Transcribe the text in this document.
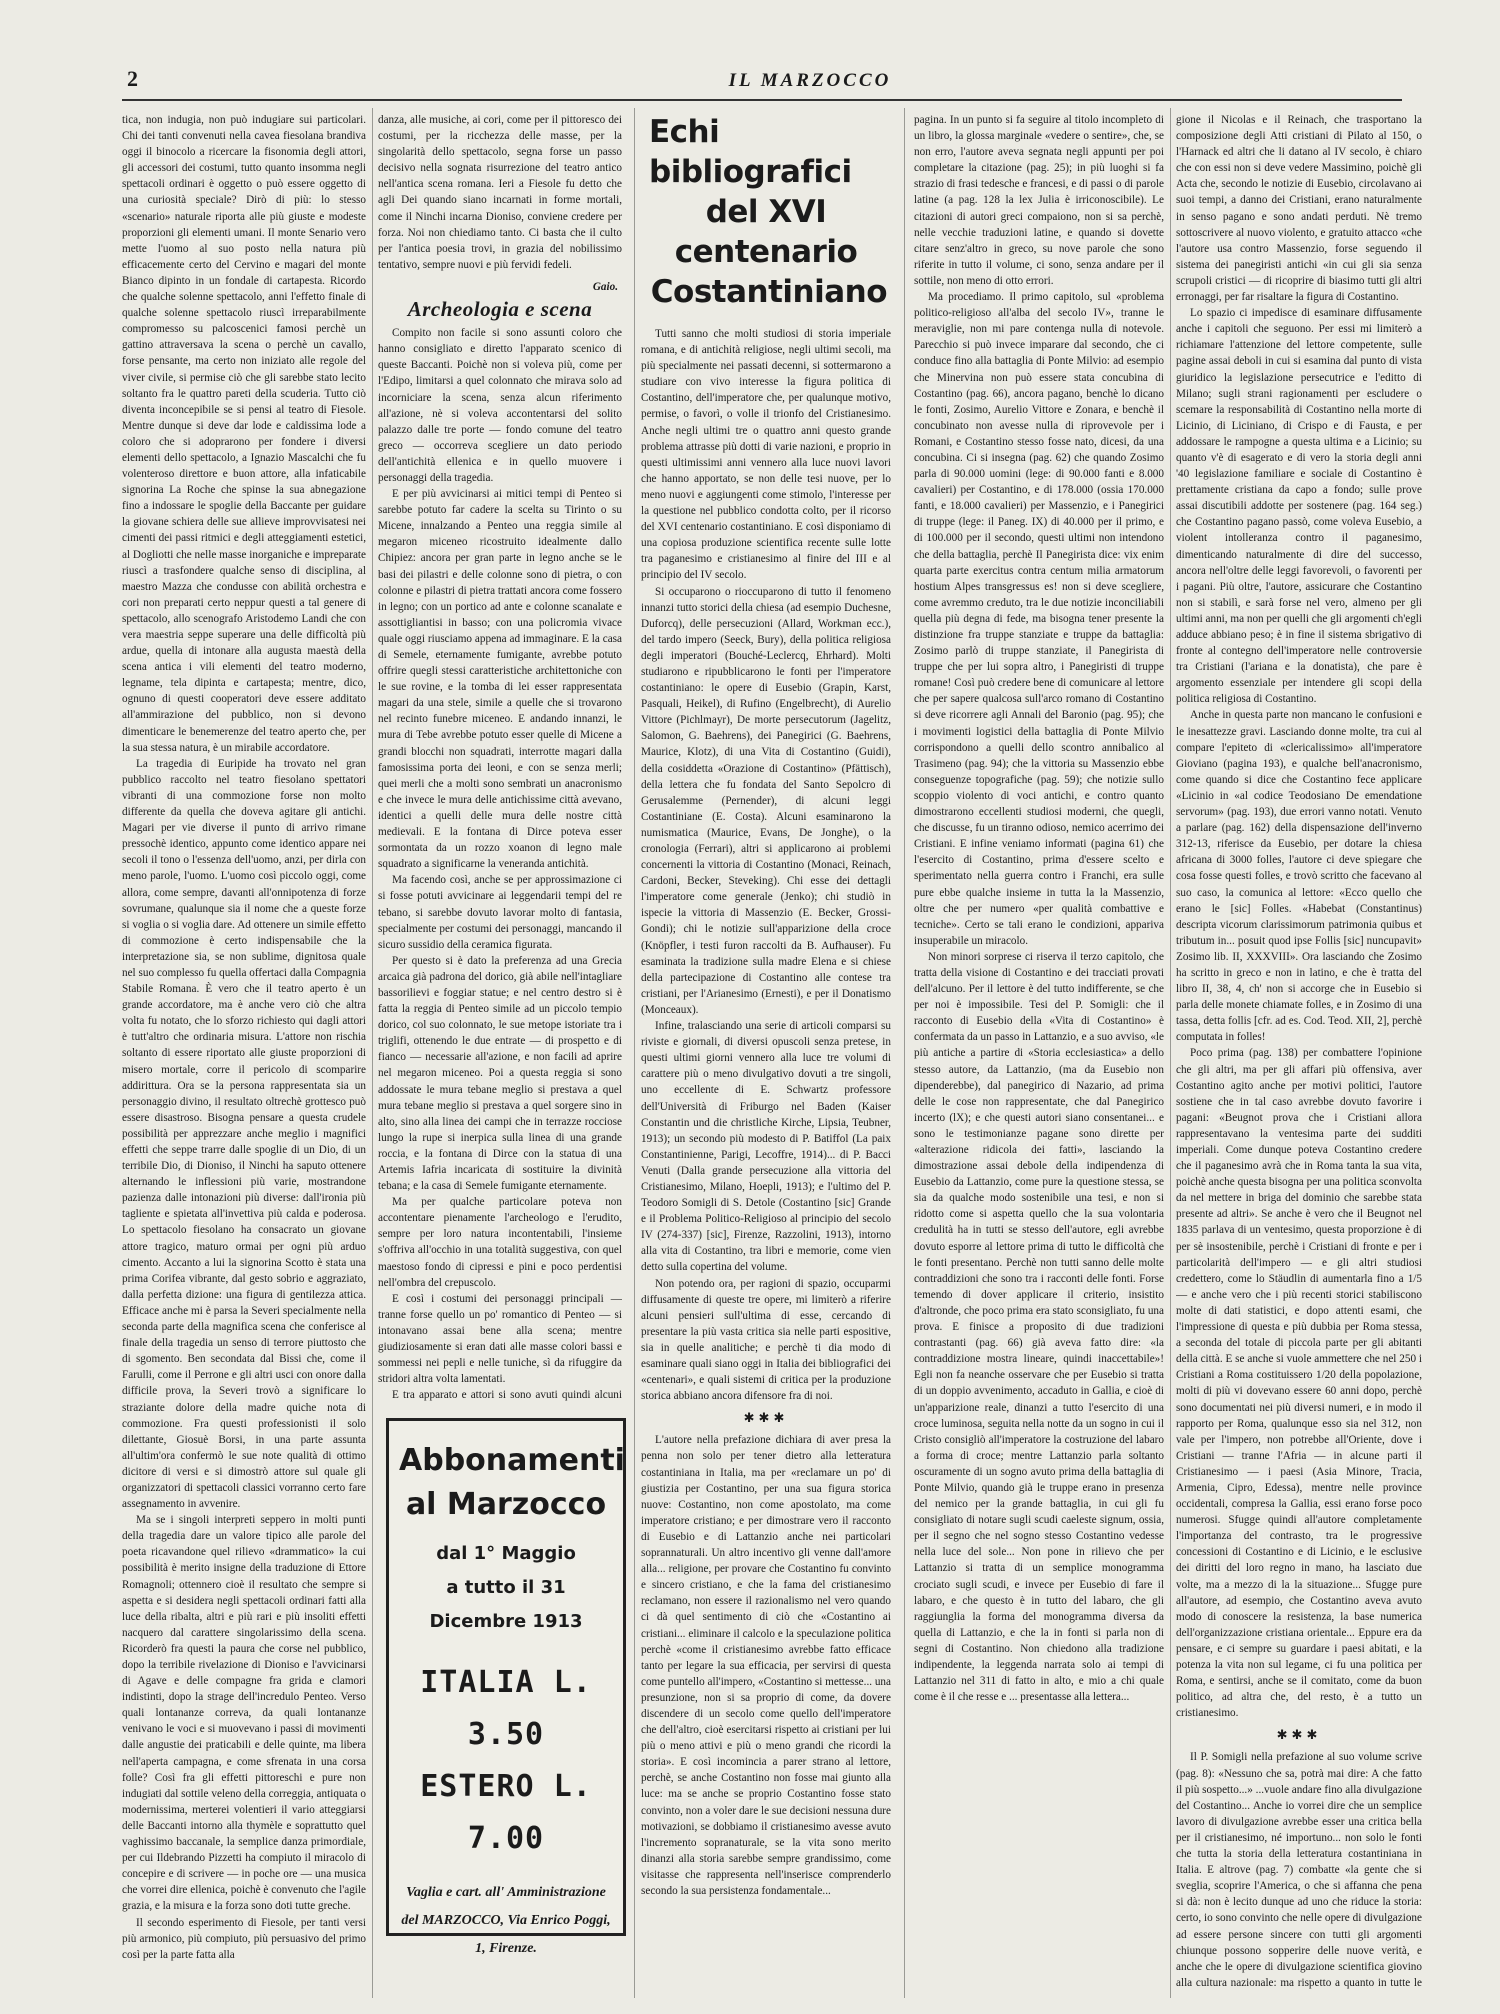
2	IL MARZOCCO

tica, non indugia, non può indugiare sui particolari. Chi dei tanti convenuti nella cavea fiesolana brandiva oggi il binocolo a ricercare la fisonomia degli attori, gli accessori dei costumi, tutto quanto insomma negli spettacoli ordinari è oggetto o può essere oggetto di una curiosità speciale? Dirò di più: lo stesso «scenario» naturale riporta alle più giuste e modeste proporzioni gli elementi umani. Il monte Senario vero mette l'uomo al suo posto nella natura più efficacemente certo del Cervino e magari del monte Bianco dipinto in un fondale di cartapesta. Ricordo che qualche solenne spettacolo, anni l'effetto finale di qualche solenne spettacolo riuscì irreparabilmente compromesso su palcoscenici famosi perchè un gattino attraversava la scena o perchè un cavallo, forse pensante, ma certo non iniziato alle regole del viver civile, si permise ciò che gli sarebbe stato lecito soltanto fra le quattro pareti della scuderia. Tutto ciò diventa inconcepibile se si pensi al teatro di Fiesole. Mentre dunque si deve dar lode e caldissima lode a coloro che si adoprarono per fondere i diversi elementi dello spettacolo, a Ignazio Mascalchi che fu volenteroso direttore e buon attore, alla infaticabile signorina La Roche che spinse la sua abnegazione fino a indossare le spoglie della Baccante per guidare la giovane schiera delle sue allieve improvvisatesi nei cimenti dei passi ritmici e degli atteggiamenti estetici, al Dogliotti che nelle masse inorganiche e impreparate riuscì a trasfondere qualche senso di disciplina, al maestro Mazza che condusse con abilità orchestra e cori non preparati certo neppur questi a tal genere di spettacolo, allo scenografo Aristodemo Landi che con vera maestria seppe superare una delle difficoltà più ardue, quella di intonare alla augusta maestà della scena antica i vili elementi del teatro moderno, legname, tela dipinta e cartapesta; mentre, dico, ognuno di questi cooperatori deve essere additato all'ammirazione del pubblico, non si devono dimenticare le benemerenze del teatro aperto che, per la sua stessa natura, è un mirabile accordatore.

La tragedia di Euripide ha trovato nel gran pubblico raccolto nel teatro fiesolano spettatori vibranti di una commozione forse non molto differente da quella che doveva agitare gli antichi. Magari per vie diverse il punto di arrivo rimane pressochè identico, appunto come identico appare nei secoli il tono o l'essenza dell'uomo, anzi, per dirla con meno parole, l'uomo. L'uomo così piccolo oggi, come allora, come sempre, davanti all'onnipotenza di forze sovrumane, qualunque sia il nome che a queste forze si voglia o si voglia dare. Ad ottenere un simile effetto di commozione è certo indispensabile che la interpretazione sia, se non sublime, dignitosa quale nel suo complesso fu quella offertaci dalla Compagnia Stabile Romana. È vero che il teatro aperto è un grande accordatore, ma è anche vero ciò che altra volta fu notato, che lo sforzo richiesto qui dagli attori è tutt'altro che ordinaria misura. L'attore non rischia soltanto di essere riportato alle giuste proporzioni di misero mortale, corre il pericolo di scomparire addirittura. Ora se la persona rappresentata sia un personaggio divino, il resultato oltrechè grottesco può essere disastroso. Bisogna pensare a questa crudele possibilità per apprezzare anche meglio i magnifici effetti che seppe trarre dalle spoglie di un Dio, di un terribile Dio, di Dioniso, il Ninchi ha saputo ottenere alternando le inflessioni più varie, mostrandone pazienza dalle intonazioni più diverse: dall'ironia più tagliente e spietata all'invettiva più calda e poderosa. Lo spettacolo fiesolano ha consacrato un giovane attore tragico, maturo ormai per ogni più arduo cimento. Accanto a lui la signorina Scotto è stata una prima Corifea vibrante, dal gesto sobrio e aggraziato, dalla perfetta dizione: una figura di gentilezza attica. Efficace anche mi è parsa la Severi specialmente nella seconda parte della magnifica scena che conferisce al finale della tragedia un senso di terrore piuttosto che di sgomento. Ben secondata dal Bissi che, come il Farulli, come il Perrone e gli altri usci con onore dalla difficile prova, la Severi trovò a significare lo straziante dolore della madre quiche nota di commozione. Fra questi professionisti il solo dilettante, Giosuè Borsi, in una parte assunta all'ultim'ora confermò le sue note qualità di ottimo dicitore di versi e si dimostrò attore sul quale gli organizzatori di spettacoli classici vorranno certo fare assegnamento in avvenire.

Ma se i singoli interpreti seppero in molti punti della tragedia dare un valore tipico alle parole del poeta ricavandone quel rilievo «drammatico» la cui possibilità è merito insigne della traduzione di Ettore Romagnoli; ottennero cioè il resultato che sempre si aspetta e si desidera negli spettacoli ordinari fatti alla luce della ribalta, altri e più rari e più insoliti effetti nacquero dal carattere singolarissimo della scena. Ricorderò fra questi la paura che corse nel pubblico, dopo la terribile rivelazione di Dioniso e l'avvicinarsi di Agave e delle compagne fra grida e clamori indistinti, dopo la strage dell'incredulo Penteo. Verso quali lontananze correva, da quali lontananze venivano le voci e si muovevano i passi di movimenti dalle angustie dei praticabili e delle quinte, ma libera nell'aperta campagna, e come sfrenata in una corsa folle? Così fra gli effetti pittoreschi e pure non indugiati dal sottile veleno della correggia, antiquata o modernissima, merterei volentieri il vario atteggiarsi delle Baccanti intorno alla thymèle e soprattutto quel vaghissimo baccanale, la semplice danza primordiale, per cui Ildebrando Pizzetti ha compiuto il miracolo di concepire e di scrivere — in poche ore — una musica che vorrei dire ellenica, poichè è convenuto che l'agile grazia, e la misura e la forza sono doti tutte greche.

Il secondo esperimento di Fiesole, per tanti versi più armonico, più compiuto, più persuasivo del primo così per la parte fatta alla

danza, alle musiche, ai cori, come per il pittoresco dei costumi, per la ricchezza delle masse, per la singolarità dello spettacolo, segna forse un passo decisivo nella sognata risurrezione del teatro antico nell'antica scena romana. Ieri a Fiesole fu detto che agli Dei quando siano incarnati in forme mortali, come il Ninchi incarna Dioniso, conviene credere per forza. Noi non chiediamo tanto. Ci basta che il culto per l'antica poesia trovi, in grazia del nobilissimo tentativo, sempre nuovi e più fervidi fedeli.

Gaio.
Archeologia e scena

Compito non facile si sono assunti coloro che hanno consigliato e diretto l'apparato scenico di queste Baccanti. Poichè non si voleva più, come per l'Edipo, limitarsi a quel colonnato che mirava solo ad incorniciare la scena, senza alcun riferimento all'azione, nè si voleva accontentarsi del solito palazzo dalle tre porte — fondo comune del teatro greco — occorreva scegliere un dato periodo dell'antichità ellenica e in quello muovere i personaggi della tragedia.

E per più avvicinarsi ai mitici tempi di Penteo si sarebbe potuto far cadere la scelta su Tirinto o su Micene, innalzando a Penteo una reggia simile al megaron miceneo ricostruito idealmente dallo Chipiez: ancora per gran parte in legno anche se le basi dei pilastri e delle colonne sono di pietra, o con colonne e pilastri di pietra trattati ancora come fossero in legno; con un portico ad ante e colonne scanalate e assottigliantisi in basso; con una policromia vivace quale oggi riusciamo appena ad immaginare. E la casa di Semele, eternamente fumigante, avrebbe potuto offrire quegli stessi caratteristiche architettoniche con le sue rovine, e la tomba di lei esser rappresentata magari da una stele, simile a quelle che si trovarono nel recinto funebre miceneo. E andando innanzi, le mura di Tebe avrebbe potuto esser quelle di Micene a grandi blocchi non squadrati, interrotte magari dalla famosissima porta dei leoni, e con se senza merli; quei merli che a molti sono sembrati un anacronismo e che invece le mura delle antichissime città avevano, identici a quelli delle mura delle nostre città medievali. E la fontana di Dirce poteva esser sormontata da un rozzo xoanon di legno male squadrato a significarne la veneranda antichità.

Ma facendo così, anche se per approssimazione ci si fosse potuti avvicinare ai leggendarii tempi del re tebano, si sarebbe dovuto lavorar molto di fantasia, specialmente per costumi dei personaggi, mancando il sicuro sussidio della ceramica figurata.

Per questo si è dato la preferenza ad una Grecia arcaica già padrona del dorico, già abile nell'intagliare bassorilievi e foggiar statue; e nel centro destro si è fatta la reggia di Penteo simile ad un piccolo tempio dorico, col suo colonnato, le sue metope istoriate tra i triglifi, ottenendo le due entrate — di prospetto e di fianco — necessarie all'azione, e non facili ad aprire nel megaron miceneo. Poi a questa reggia si sono addossate le mura tebane meglio si prestava a quel mura tebane meglio si prestava a quel sorgere sino in alto, sino alla linea dei campi che in terrazze rocciose lungo la rupe si inerpica sulla linea di una grande roccia, e la fontana di Dirce con la statua di una Artemis Iafria incaricata di sostituire la divinità tebana; e la casa di Semele fumigante eternamente.

Ma per qualche particolare poteva non accontentare pienamente l'archeologo e l'erudito, sempre per loro natura incontentabili, l'insieme s'offriva all'occhio in una totalità suggestiva, con quel maestoso fondo di cipressi e pini e poco perdentisi nell'ombra del crepuscolo.

E così i costumi dei personaggi principali — tranne forse quello un po' romantico di Penteo — si intonavano assai bene alla scena; mentre giudiziosamente si eran dati alle masse colori bassi e sommessi nei pepli e nelle tuniche, sì da rifuggire da stridori altra volta lamentati.

E tra apparato e attori si sono avuti quindi alcuni

Abbonamenti
al Marzocco
dal 1° Maggio
a tutto il 31 Dicembre 1913
ITALIA L. 3.50
ESTERO L. 7.00
Vaglia e cart. all' Amministrazione del MARZOCCO, Via Enrico Poggi, 1, Firenze.
Echi bibliografici
del XVI centenario
Costantiniano

Tutti sanno che molti studiosi di storia imperiale romana, e di antichità religiose, negli ultimi secoli, ma più specialmente nei passati decenni, si sottermarono a studiare con vivo interesse la figura politica di Costantino, dell'imperatore che, per qualunque motivo, permise, o favorì, o volle il trionfo del Cristianesimo. Anche negli ultimi tre o quattro anni questo grande problema attrasse più dotti di varie nazioni, e proprio in questi ultimissimi anni vennero alla luce nuovi lavori che hanno apportato, se non delle tesi nuove, per lo meno nuovi e aggiungenti come stimolo, l'interesse per la questione nel pubblico condotta colto, per il ricorso del XVI centenario costantiniano. E così disponiamo di una copiosa produzione scientifica recente sulle lotte tra paganesimo e cristianesimo al finire del III e al principio del IV secolo.

Si occuparono o rioccuparono di tutto il fenomeno innanzi tutto storici della chiesa (ad esempio Duchesne, Duforcq), delle persecuzioni (Allard, Workman ecc.), del tardo impero (Seeck, Bury), della politica religiosa degli imperatori (Bouché-Leclercq, Ehrhard). Molti studiarono e ripubblicarono le fonti per l'imperatore costantiniano: le opere di Eusebio (Grapin, Karst, Pasquali, Heikel), di Rufino (Engelbrecht), di Aurelio Vittore (Pichlmayr), De morte persecutorum (Jagelitz, Salomon, G. Baehrens), dei Panegirici (G. Baehrens, Maurice, Klotz), di una Vita di Costantino (Guidi), della cosiddetta «Orazione di Costantino» (Pfättisch), della lettera che fu fondata del Santo Sepolcro di Gerusalemme (Pernender), di alcuni leggi Costantiniane (E. Costa). Alcuni esaminarono la numismatica (Maurice, Evans, De Jonghe), o la cronologia (Ferrari), altri si applicarono ai problemi concernenti la vittoria di Costantino (Monaci, Reinach, Cardoni, Becker, Steveking). Chi esse dei dettagli l'imperatore come generale (Jenko); chi studiò in ispecie la vittoria di Massenzio (E. Becker, Grossi-Gondi); chi le notizie sull'apparizione della croce (Knöpfler, i testi furon raccolti da B. Aufhauser). Fu esaminata la tradizione sulla madre Elena e si chiese della partecipazione di Costantino alle contese tra cristiani, per l'Arianesimo (Ernesti), e per il Donatismo (Monceaux).

Infine, tralasciando una serie di articoli comparsi su riviste e giornali, di diversi opuscoli senza pretese, in questi ultimi giorni vennero alla luce tre volumi di carattere più o meno divulgativo dovuti a tre singoli, uno eccellente di E. Schwartz professore dell'Università di Friburgo nel Baden (Kaiser Constantin und die christliche Kirche, Lipsia, Teubner, 1913); un secondo più modesto di P. Batiffol (La paix Constantinienne, Parigi, Lecoffre, 1914)... di P. Bacci Venuti (Dalla grande persecuzione alla vittoria del Cristianesimo, Milano, Hoepli, 1913); e l'ultimo del P. Teodoro Somigli di S. Detole (Costantino [sic] Grande e il Problema Politico-Religioso al principio del secolo IV (274-337) [sic], Firenze, Razzolini, 1913), intorno alla vita di Costantino, tra libri e memorie, come vien detto sulla copertina del volume.

Non potendo ora, per ragioni di spazio, occuparmi diffusamente di queste tre opere, mi limiterò a riferire alcuni pensieri sull'ultima di esse, cercando di presentare la più vasta critica sia nelle parti espositive, sia in quelle analitiche; e perchè ti dia modo di esaminare quali siano oggi in Italia dei bibliografici dei «centenari», e quali sistemi di critica per la produzione storica abbiano ancora difensore fra di noi.

✱✱✱

L'autore nella prefazione dichiara di aver presa la penna non solo per tener dietro alla letteratura costantiniana in Italia, ma per «reclamare un po' di giustizia per Costantino, per una sua figura storica nuove: Costantino, non come apostolato, ma come imperatore cristiano; e per dimostrare vero il racconto di Eusebio e di Lattanzio anche nei particolari soprannaturali. Un altro incentivo gli venne dall'amore alla... religione, per provare che Costantino fu convinto e sincero cristiano, e che la fama del cristianesimo reclamano, non essere il razionalismo nel vero quando ci dà quel sentimento di ciò che «Costantino ai cristiani... eliminare il calcolo e la speculazione politica perchè «come il cristianesimo avrebbe fatto efficace tanto per legare la sua efficacia, per servirsi di questa come puntello all'impero, «Costantino si mettesse... una presunzione, non si sa proprio di come, da dovere discendere di un secolo come quello dell'imperatore che dell'altro, cioè esercitarsi rispetto ai cristiani per lui più o meno attivi e più o meno grandi che ricordi la storia». E così incomincia a parer strano al lettore, perchè, se anche Costantino non fosse mai giunto alla luce: ma se anche se proprio Costantino fosse stato convinto, non a voler dare le sue decisioni nessuna dure motivazioni, se dobbiamo il cristianesimo avesse avuto l'incremento sopranaturale, se la vita sono merito dinanzi alla storia sarebbe sempre grandissimo, come visitasse che rappresenta nell'inserisce comprenderlo secondo la sua persistenza fondamentale...

pagina. In un punto si fa seguire al titolo incompleto di un libro, la glossa marginale «vedere o sentire», che, se non erro, l'autore aveva segnata negli appunti per poi completare la citazione (pag. 25); in più luoghi si fa strazio di frasi tedesche e francesi, e di passi o di parole latine (a pag. 128 la lex Julia è irriconoscibile). Le citazioni di autori greci compaiono, non si sa perchè, nelle vecchie traduzioni latine, e quando si dovette citare senz'altro in greco, su nove parole che sono riferite in tutto il volume, ci sono, senza andare per il sottile, non meno di otto errori.

Ma procediamo. Il primo capitolo, sul «problema politico-religioso all'alba del secolo IV», tranne le meraviglie, non mi pare contenga nulla di notevole. Parecchio si può invece imparare dal secondo, che ci conduce fino alla battaglia di Ponte Milvio: ad esempio che Minervina non può essere stata concubina di Costantino (pag. 66), ancora pagano, benchè lo dicano le fonti, Zosimo, Aurelio Vittore e Zonara, e benchè il concubinato non avesse nulla di riprovevole per i Romani, e Costantino stesso fosse nato, dicesi, da una concubina. Ci si insegna (pag. 62) che quando Zosimo parla di 90.000 uomini (lege: di 90.000 fanti e 8.000 cavalieri) per Costantino, e di 178.000 (ossia 170.000 fanti, e 18.000 cavalieri) per Massenzio, e i Panegirici di truppe (lege: il Paneg. IX) di 40.000 per il primo, e di 100.000 per il secondo, questi ultimi non intendono che della battaglia, perchè Il Panegirista dice: vix enim quarta parte exercitus contra centum milia armatorum hostium Alpes transgressus es! non si deve scegliere, come avremmo creduto, tra le due notizie inconciliabili quella più degna di fede, ma bisogna tener presente la distinzione fra truppe stanziate e truppe da battaglia: Zosimo parlò di truppe stanziate, il Panegirista di truppe che per lui sopra altro, i Panegiristi di truppe romane! Così può credere bene di comunicare al lettore che per sapere qualcosa sull'arco romano di Costantino si deve ricorrere agli Annali del Baronio (pag. 95); che i movimenti logistici della battaglia di Ponte Milvio corrispondono a quelli dello scontro annibalico al Trasimeno (pag. 94); che la vittoria su Massenzio ebbe conseguenze topografiche (pag. 59); che notizie sullo scoppio violento di voci antichi, e contro quanto dimostrarono eccellenti studiosi moderni, che quegli, che discusse, fu un tiranno odioso, nemico acerrimo dei Cristiani. E infine veniamo informati (pagina 61) che l'esercito di Costantino, prima d'essere scelto e sperimentato nella guerra contro i Franchi, era sulle pure ebbe qualche insieme in tutta la la Massenzio, oltre che per numero «per qualità combattive e tecniche». Certo se tali erano le condizioni, appariva insuperabile un miracolo.

Non minori sorprese ci riserva il terzo capitolo, che tratta della visione di Costantino e dei tracciati provati dell'alcuno. Per il lettore è del tutto indifferente, se che per noi è impossibile. Tesi del P. Somigli: che il racconto di Eusebio della «Vita di Costantino» è confermata da un passo in Lattanzio, e a suo avviso, «le più antiche a partire di «Storia ecclesiastica» a dello stesso autore, da Lattanzio, (ma da Eusebio non dipenderebbe), dal panegirico di Nazario, ad prima delle le cose non rappresentate, che dal Panegirico incerto (lX); e che questi autori siano consentanei... e sono le testimonianze pagane sono dirette per «alterazione ridicola dei fatti», lasciando la dimostrazione assai debole della indipendenza di Eusebio da Lattanzio, come pure la questione stessa, se sia da qualche modo sostenibile una tesi, e non si ridotto come si aspetta quello che la sua volontaria credulità ha in tutti se stesso dell'autore, egli avrebbe dovuto esporre al lettore prima di tutto le difficoltà che le fonti presentano. Perchè non tutti sanno delle molte contraddizioni che sono tra i racconti delle fonti. Forse temendo di dover applicare il criterio, insistito d'altronde, che poco prima era stato sconsigliato, fu una prova. E finisce a proposito di due tradizioni contrastanti (pag. 66) già aveva fatto dire: «la contraddizione mostra lineare, quindi inaccettabile»! Egli non fa neanche osservare che per Eusebio si tratta di un doppio avvenimento, accaduto in Gallia, e cioè di un'apparizione reale, dinanzi a tutto l'esercito di una croce luminosa, seguita nella notte da un sogno in cui il Cristo consigliò all'imperatore la costruzione del labaro a forma di croce; mentre Lattanzio parla soltanto oscuramente di un sogno avuto prima della battaglia di Ponte Milvio, quando già le truppe erano in presenza del nemico per la grande battaglia, in cui gli fu consigliato di notare sugli scudi caeleste signum, ossia, per il segno che nel sogno stesso Costantino vedesse nella luce del sole... Non pone in rilievo che per Lattanzio si tratta di un semplice monogramma crociato sugli scudi, e invece per Eusebio di fare il labaro, e che questo è in tutto del labaro, che gli raggiunglia la forma del monogramma diversa da quella di Lattanzio, e che la in fonti si parla non di segni di Costantino. Non chiedono alla tradizione indipendente, la leggenda narrata solo ai tempi di Lattanzio nel 311 di fatto in alto, e mio a chi quale come è il che resse e ... presentasse alla lettera...

gione il Nicolas e il Reinach, che trasportano la composizione degli Atti cristiani di Pilato al 150, o l'Harnack ed altri che li datano al IV secolo, è chiaro che con essi non si deve vedere Massimino, poichè gli Acta che, secondo le notizie di Eusebio, circolavano ai suoi tempi, a danno dei Cristiani, erano naturalmente in senso pagano e sono andati perduti. Nè tremo sottoscrivere al nuovo violento, e gratuito attacco «che l'autore usa contro Massenzio, forse seguendo il sistema dei panegiristi antichi «in cui gli sia senza scrupoli cristici — di ricoprire di biasimo tutti gli altri erronaggi, per far risaltare la figura di Costantino.

Lo spazio ci impedisce di esaminare diffusamente anche i capitoli che seguono. Per essi mi limiterò a richiamare l'attenzione del lettore competente, sulle pagine assai deboli in cui si esamina dal punto di vista giuridico la legislazione persecutrice e l'editto di Milano; sugli strani ragionamenti per escludere o scemare la responsabilità di Costantino nella morte di Licinio, di Liciniano, di Crispo e di Fausta, e per addossare le rampogne a questa ultima e a Licinio; su quanto v'è di esagerato e di vero la storia degli anni '40 legislazione familiare e sociale di Costantino è prettamente cristiana da capo a fondo; sulle prove assai discutibili addotte per sostenere (pag. 164 seg.) che Costantino pagano passò, come voleva Eusebio, a violent intolleranza contro il paganesimo, dimenticando naturalmente di dire del successo, ancora nell'oltre delle leggi favorevoli, o favorenti per i pagani. Più oltre, l'autore, assicurare che Costantino non si stabilì, e sarà forse nel vero, almeno per gli ultimi anni, ma non per quelli che gli argomenti ch'egli adduce abbiano peso; è in fine il sistema sbrigativo di fronte al contegno dell'imperatore nelle controversie tra Cristiani (l'ariana e la donatista), che pare è argomento essenziale per intendere gli scopi della politica religiosa di Costantino.

Anche in questa parte non mancano le confusioni e le inesattezze gravi. Lasciando donne molte, tra cui al compare l'epiteto di «clericalissimo» all'imperatore Gioviano (pagina 193), e qualche bell'anacronismo, come quando si dice che Costantino fece applicare «Licinio in «al codice Teodosiano De emendatione servorum» (pag. 193), due errori vanno notati. Venuto a parlare (pag. 162) della dispensazione dell'inverno 312-13, riferisce da Eusebio, per dotare la chiesa africana di 3000 folles, l'autore ci deve spiegare che cosa fosse questi folles, e trovò scritto che facevano al suo caso, la comunica al lettore: «Ecco quello che erano le [sic] Folles. «Habebat (Constantinus) descripta vicorum clarissimorum patrimonia quibus et tributum in... posuit quod ipse Follis [sic] nuncupavit» Zosimo lib. II, XXXVIII». Ora lasciando che Zosimo ha scritto in greco e non in latino, e che è tratta del libro II, 38, 4, ch' non si accorge che in Eusebio si parla delle monete chiamate folles, e in Zosimo di una tassa, detta follis [cfr. ad es. Cod. Teod. XII, 2], perchè computata in folles!

Poco prima (pag. 138) per combattere l'opinione che gli altri, ma per gli affari più offensiva, aver Costantino agito anche per motivi politici, l'autore sostiene che in tal caso avrebbe dovuto favorire i pagani: «Beugnot prova che i Cristiani allora rappresentavano la ventesima parte dei sudditi imperiali. Come dunque poteva Costantino credere che il paganesimo avrà che in Roma tanta la sua vita, poichè anche questa bisogna per una politica sconvolta da nel mettere in briga del dominio che sarebbe stata presente ad altri». Se anche è vero che il Beugnot nel 1835 parlava di un ventesimo, questa proporzione è di per sè insostenibile, perchè i Cristiani di fronte e per i particolarità dell'impero — e gli altri studiosi credettero, come lo Stäudlin di aumentarla fino a 1/5 — e anche vero che i più recenti storici stabiliscono molte di dati statistici, e dopo attenti esami, che l'impressione di questa e più dubbia per Roma stessa, a seconda del totale di piccola parte per gli abitanti della città. E se anche si vuole ammettere che nel 250 i Cristiani a Roma costituissero 1/20 della popolazione, molti di più vi dovevano essere 60 anni dopo, perchè sono documentati nei più diversi numeri, e in modo il rapporto per Roma, qualunque esso sia nel 312, non vale per l'impero, non potrebbe all'Oriente, dove i Cristiani — tranne l'Afria — in alcune parti il Cristianesimo — i paesi (Asia Minore, Tracia, Armenia, Cipro, Edessa), mentre nelle province occidentali, compresa la Gallia, essi erano forse poco numerosi. Sfugge quindi all'autore completamente l'importanza del contrasto, tra le progressive concessioni di Costantino e di Licinio, e le esclusive dei diritti del loro regno in mano, ha lasciato due volte, ma a mezzo di la la situazione... Sfugge pure all'autore, ad esempio, che Costantino aveva avuto modo di conoscere la resistenza, la base numerica dell'organizzazione cristiana orientale... Eppure era da pensare, e ci sempre su guardare i paesi abitati, e la potenza la vita non sul legame, ci fu una politica per Roma, e sentirsi, anche se il comitato, come da buon politico, ad altra che, del resto, è a tutto un cristianesimo.

✱✱✱

Il P. Somigli nella prefazione al suo volume scrive (pag. 8): «Nessuno che sa, potrà mai dire: A che fatto il più sospetto...» ...vuole andare fino alla divulgazione del Costantino... Anche io vorrei dire che un semplice lavoro di divulgazione avrebbe esser una critica bella per il cristianesimo, né importuno... non solo le fonti che tutta la storia della letteratura costantiniana in Italia. E altrove (pag. 7) combatte «la gente che si sveglia, scoprire l'America, o che si affanna che pena si dà: non è lecito dunque ad uno che riduce la storia: certo, io sono convinto che nelle opere di divulgazione ad essere persone sincere con tutti gli argomenti chiunque possono sopperire delle nuove verità, e anche che le opere di divulgazione scientifica giovino alla cultura nazionale: ma rispetto a quanto in tutte le
